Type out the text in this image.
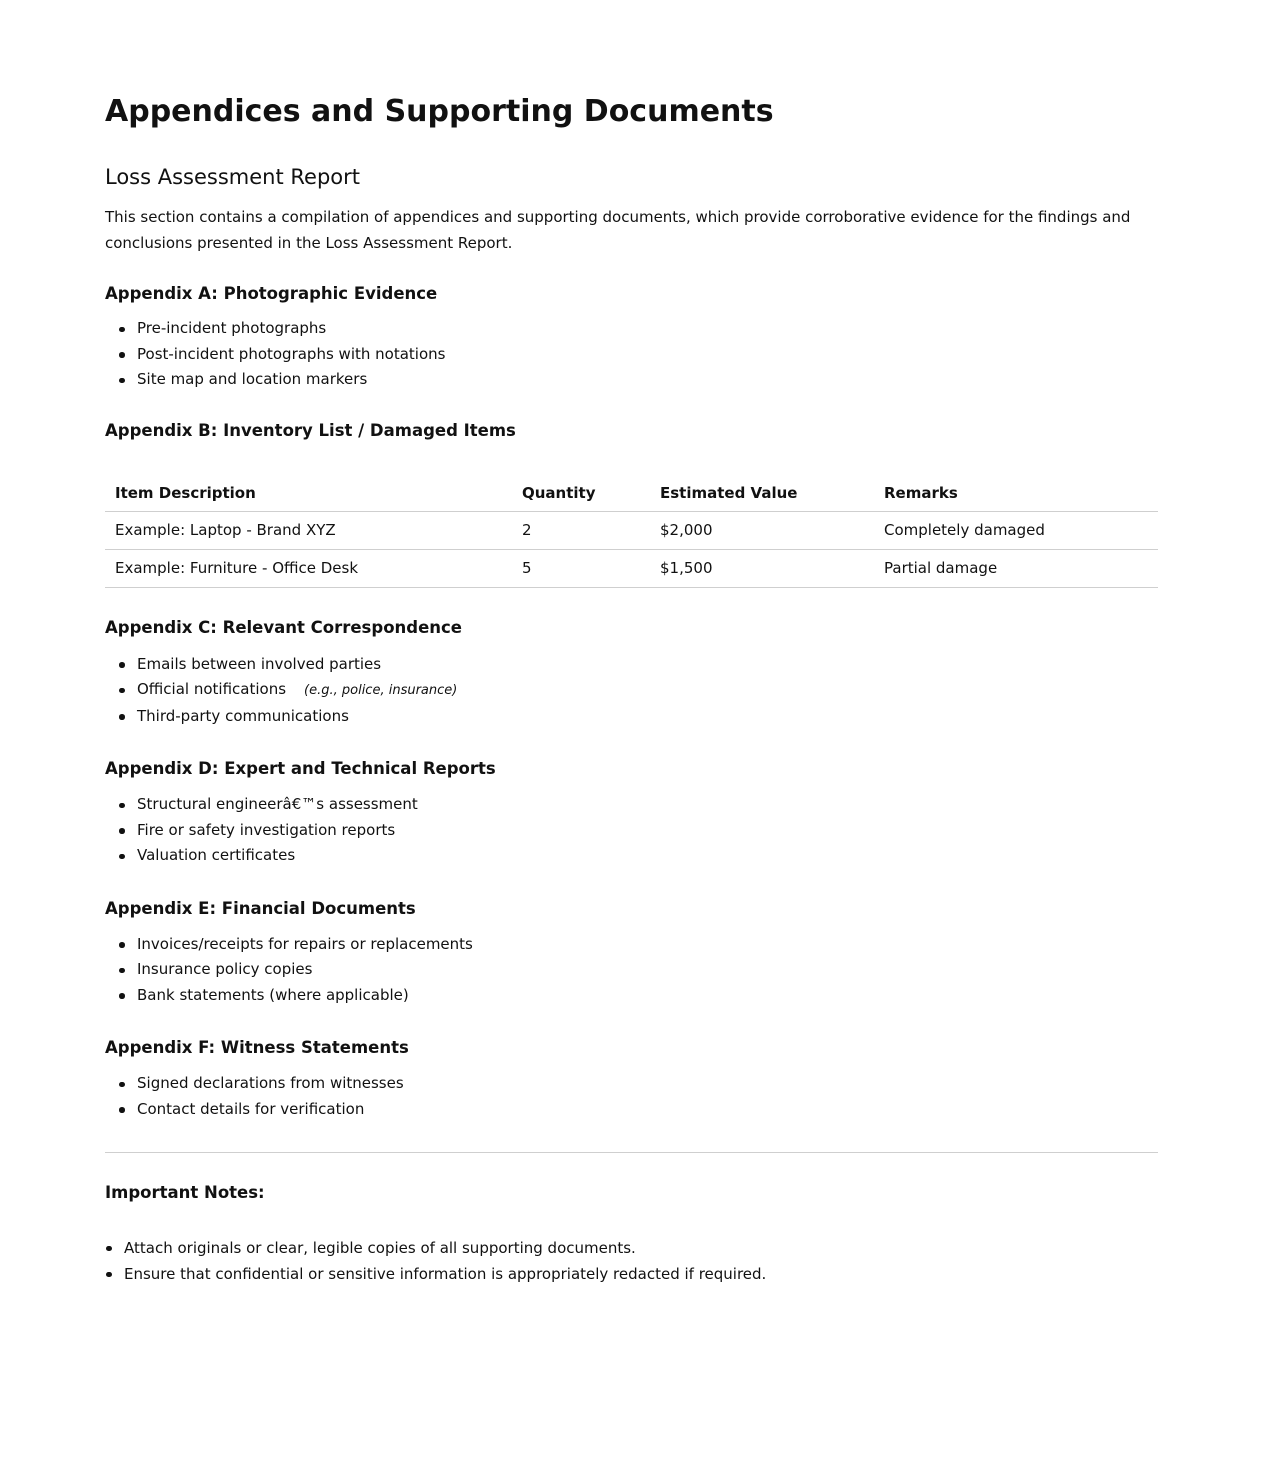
Appendices and Supporting Documents
Loss Assessment Report

This section contains a compilation of appendices and supporting documents, which provide corroborative evidence for the findings and conclusions presented in the Loss Assessment Report.

Appendix A: Photographic Evidence
Pre-incident photographs
Post-incident photographs with notations
Site map and location markers
Appendix B: Inventory List / Damaged Items
Item Description	Quantity	Estimated Value	Remarks
Example: Laptop - Brand XYZ	2	$2,000	Completely damaged
Example: Furniture - Office Desk	5	$1,500	Partial damage
Appendix C: Relevant Correspondence
Emails between involved parties
Official notifications (e.g., police, insurance)
Third-party communications
Appendix D: Expert and Technical Reports
Structural engineerâ€™s assessment
Fire or safety investigation reports
Valuation certificates
Appendix E: Financial Documents
Invoices/receipts for repairs or replacements
Insurance policy copies
Bank statements (where applicable)
Appendix F: Witness Statements
Signed declarations from witnesses
Contact details for verification
Important Notes:
Attach originals or clear, legible copies of all supporting documents.
Ensure that confidential or sensitive information is appropriately redacted if required.
